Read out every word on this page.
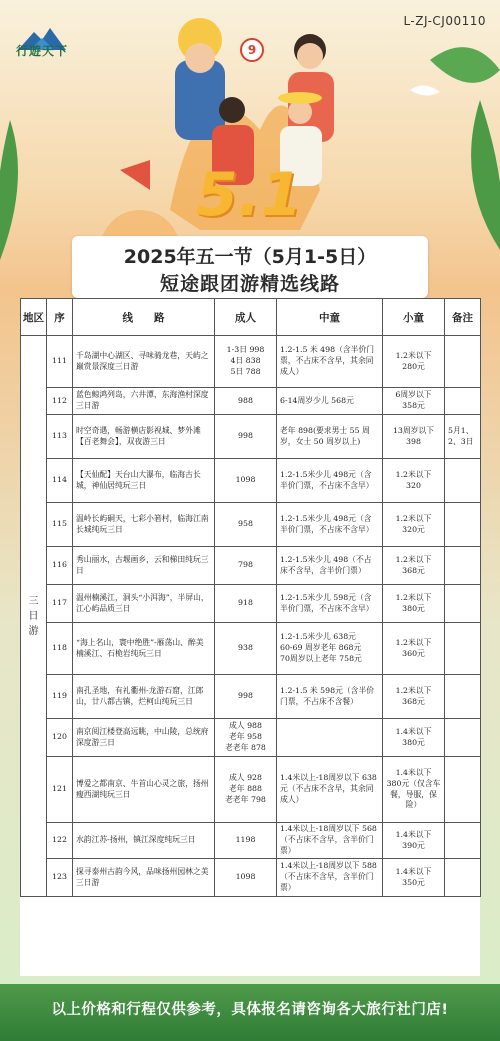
9
5.1
行遊天下
L-ZJ-CJ00110
2025年五一节（5月1-5日）
短途跟团游精选线路
地区	序	线　　路	成人	中童	小童	备注
三日游	111	千岛湖中心湖区、寻味骑龙巷，天屿之巅赏景深度三日游	1-3日 998
4日 838
5日 788	1.2-1.5 米 498（含半价门票，不占床不含早，其余同成人）	1.2米以下
280元	
	112	蓝色鲸鸿列岛，六井潭，东海渔村深度三日游	988	6-14周岁少儿 568元	6周岁以下
358元	
	113	时空奇遇，畅游横店影视城、梦外滩【百老舞会】，双夜游三日	998	老年 898(要求男士 55 周岁，女士 50 周岁以上)	13周岁以下 398	5月1、2、3日
	114	【天仙配】天台山大瀑布，临海古长城，神仙居纯玩三日	1098	1.2-1.5米少儿 498元（含半价门票，不占床不含早）	1.2米以下
320	
	115	温岭长屿硐天，七彩小箬村，临海江南长城纯玩三日	958	1.2-1.5米少儿 498元（含半价门票，不占床不含早）	1.2米以下
320元	
	116	秀山丽水，古堰画乡，云和梯田纯玩三日	798	1.2-1.5米少儿 498（不占床不含早，含半价门票）	1.2米以下
368元	
	117	温州楠溪江，洞头“小洱海”，半屏山，江心屿品质三日	918	1.2-1.5米少儿 598元（含半价门票，不占床不含早）	1.2米以下
380元	
	118	“海上名山，寰中绝胜”-雁荡山、醉美楠溪江、石桅岩纯玩三日	938	1.2-1.5米少儿 638元
60-69 周岁老年 868元
70周岁以上老年 758元	1.2米以下
360元	
	119	南孔圣地，有礼衢州-龙游石窟，江郎山，廿八都古镇，烂柯山纯玩三日	998	1.2-1.5 米 598元（含半价门票，不占床不含餐）	1.2米以下
368元	
	120	南京阅江楼登高远眺，中山陵，总统府深度游三日	成人 988
老年 958
老老年 878		1.4米以下
380元	
	121	博爱之都南京、牛首山心灵之旅，扬州瘦西湖纯玩三日	成人 928
老年 888
老老年 798	1.4米以上-18周岁以下 638元（不占床不含早，其余同成人）	1.4米以下
380元（仅含车餐，导服，保险）	
	122	水韵江苏-扬州，镇江深度纯玩三日	1198	1.4米以上-18周岁以下 568（不占床不含早，含半价门票）	1.4米以下
390元	
	123	探寻泰州古韵今风，品味扬州园林之美三日游	1098	1.4米以上-18周岁以下 588（不占床不含早，含半价门票）	1.4米以下
350元	
以上价格和行程仅供参考，具体报名请咨询各大旅行社门店!
